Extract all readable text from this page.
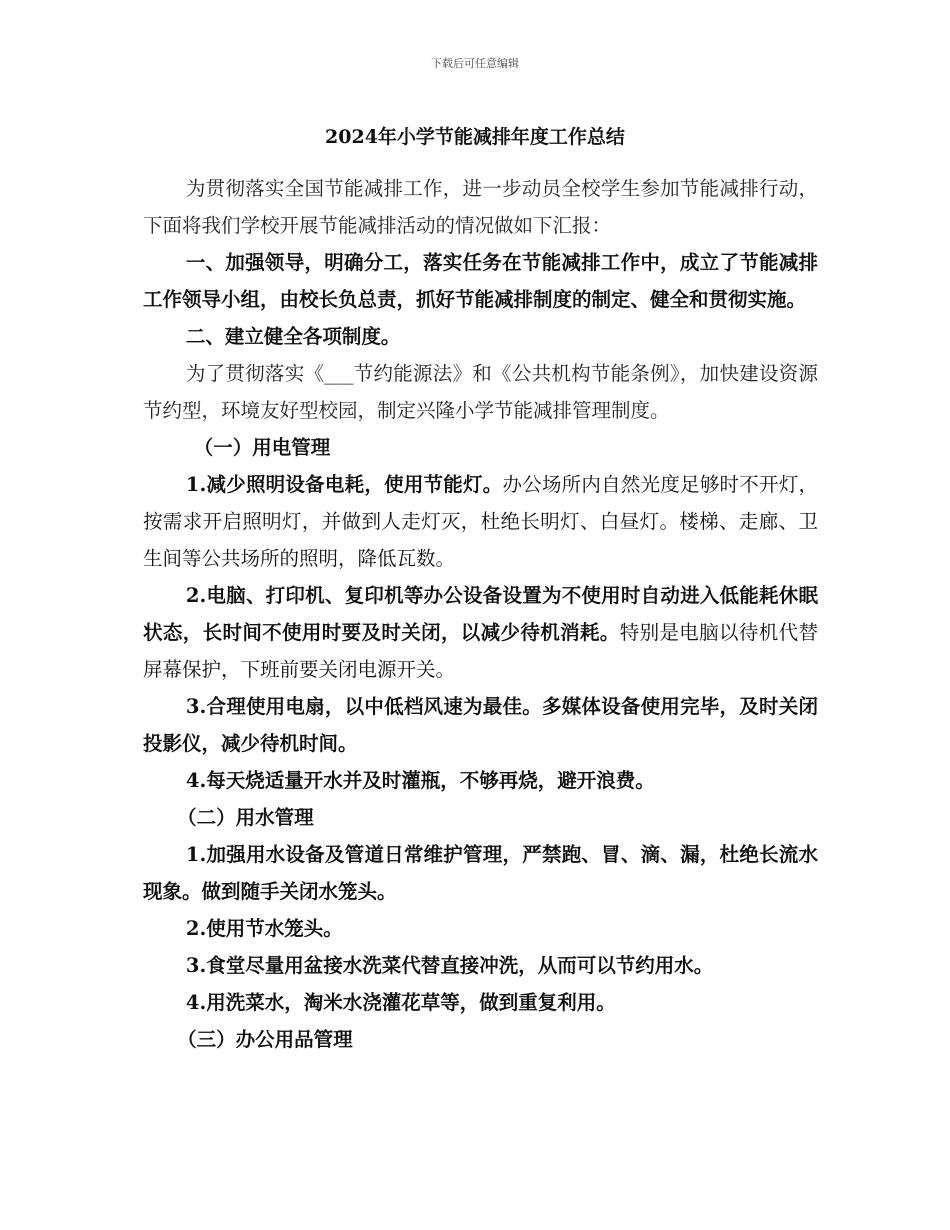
下载后可任意编辑
2024年小学节能减排年度工作总结

为贯彻落实全国节能减排工作，进一步动员全校学生参加节能减排行动，下面将我们学校开展节能减排活动的情况做如下汇报：

一、加强领导，明确分工，落实任务在节能减排工作中，成立了节能减排工作领导小组，由校长负总责，抓好节能减排制度的制定、健全和贯彻实施。

二、建立健全各项制度。

为了贯彻落实《___节约能源法》和《公共机构节能条例》，加快建设资源节约型，环境友好型校园，制定兴隆小学节能减排管理制度。

（一）用电管理

1.减少照明设备电耗，使用节能灯。办公场所内自然光度足够时不开灯，按需求开启照明灯，并做到人走灯灭，杜绝长明灯、白昼灯。楼梯、走廊、卫生间等公共场所的照明，降低瓦数。

2.电脑、打印机、复印机等办公设备设置为不使用时自动进入低能耗休眠状态，长时间不使用时要及时关闭，以减少待机消耗。特别是电脑以待机代替屏幕保护，下班前要关闭电源开关。

3.合理使用电扇，以中低档风速为最佳。多媒体设备使用完毕，及时关闭投影仪，减少待机时间。

4.每天烧适量开水并及时灌瓶，不够再烧，避开浪费。

（二）用水管理

1.加强用水设备及管道日常维护管理，严禁跑、冒、滴、漏，杜绝长流水现象。做到随手关闭水笼头。

2.使用节水笼头。

3.食堂尽量用盆接水洗菜代替直接冲洗，从而可以节约用水。

4.用洗菜水，淘米水浇灌花草等，做到重复利用。

（三）办公用品管理
